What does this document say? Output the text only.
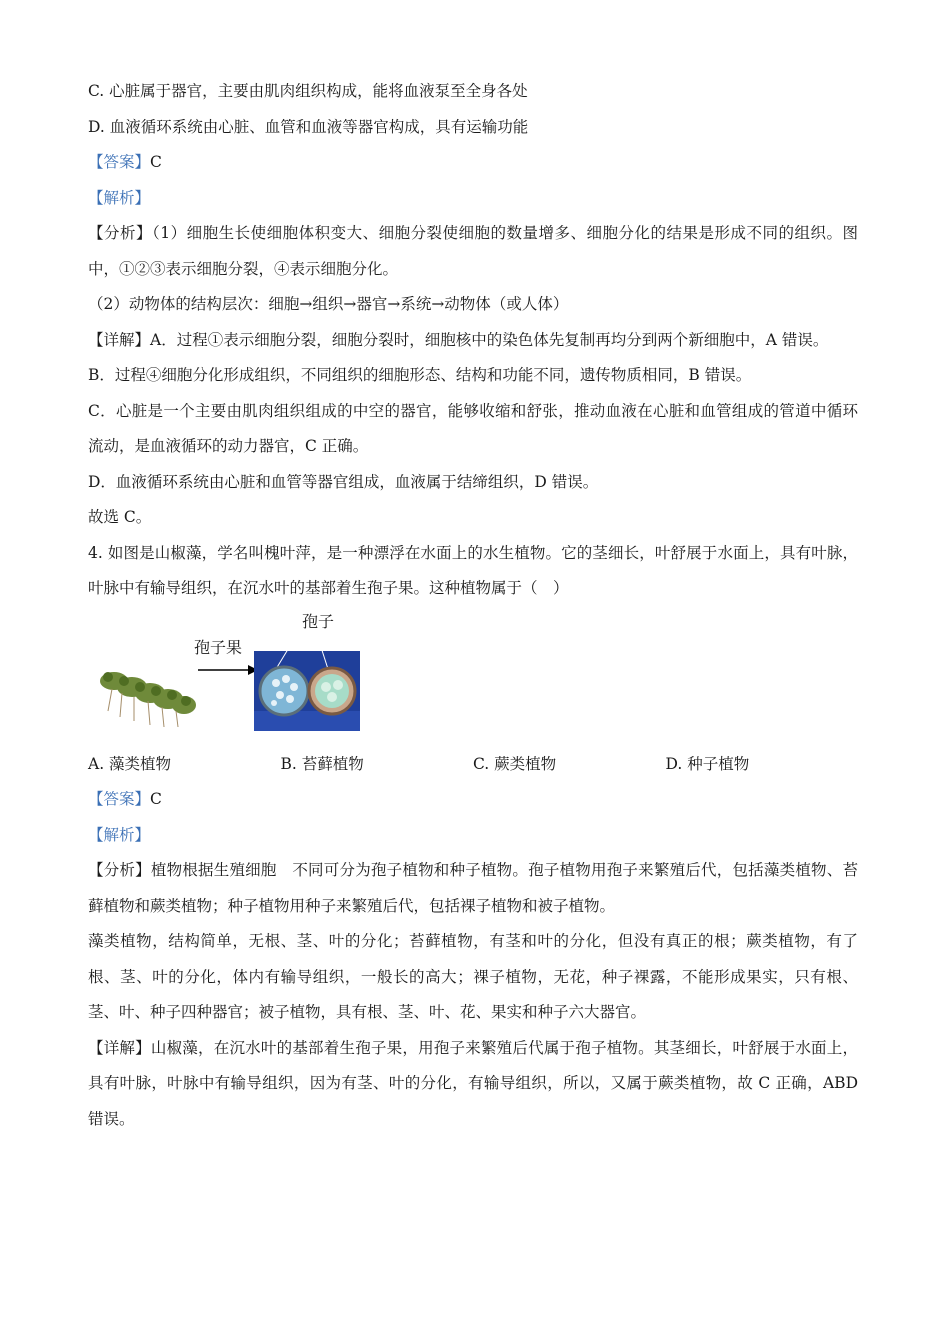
C. 心脏属于器官，主要由肌肉组织构成，能将血液泵至全身各处
D. 血液循环系统由心脏、血管和血液等器官构成，具有运输功能
【答案】C
【解析】
【分析】（1）细胞生长使细胞体积变大、细胞分裂使细胞的数量增多、细胞分化的结果是形成不同的组织。图中，①②③表示细胞分裂，④表示细胞分化。
（2）动物体的结构层次：细胞→组织→器官→系统→动物体（或人体）
【详解】A．过程①表示细胞分裂，细胞分裂时，细胞核中的染色体先复制再均分到两个新细胞中，A 错误。
B．过程④细胞分化形成组织，不同组织的细胞形态、结构和功能不同，遗传物质相同，B 错误。
C．心脏是一个主要由肌肉组织组成的中空的器官，能够收缩和舒张，推动血液在心脏和血管组成的管道中循环流动，是血液循环的动力器官，C 正确。
D．血液循环系统由心脏和血管等器官组成，血液属于结缔组织，D 错误。
故选 C。
4. 如图是山椒藻，学名叫槐叶萍，是一种漂浮在水面上的水生植物。它的茎细长，叶舒展于水面上，具有叶脉，叶脉中有输导组织，在沉水叶的基部着生孢子果。这种植物属于（　）
孢子果
孢子
A. 藻类植物	B. 苔藓植物	C. 蕨类植物	D. 种子植物
【答案】C
【解析】
【分析】植物根据生殖细胞　不同可分为孢子植物和种子植物。孢子植物用孢子来繁殖后代，包括藻类植物、苔藓植物和蕨类植物；种子植物用种子来繁殖后代，包括裸子植物和被子植物。
藻类植物，结构简单，无根、茎、叶的分化；苔藓植物，有茎和叶的分化，但没有真正的根；蕨类植物，有了根、茎、叶的分化，体内有输导组织，一般长的高大；裸子植物，无花，种子裸露，不能形成果实，只有根、茎、叶、种子四种器官；被子植物，具有根、茎、叶、花、果实和种子六大器官。
【详解】山椒藻，在沉水叶的基部着生孢子果，用孢子来繁殖后代属于孢子植物。其茎细长，叶舒展于水面上，具有叶脉，叶脉中有输导组织，因为有茎、叶的分化，有输导组织，所以，又属于蕨类植物，故 C 正确，ABD 错误。
